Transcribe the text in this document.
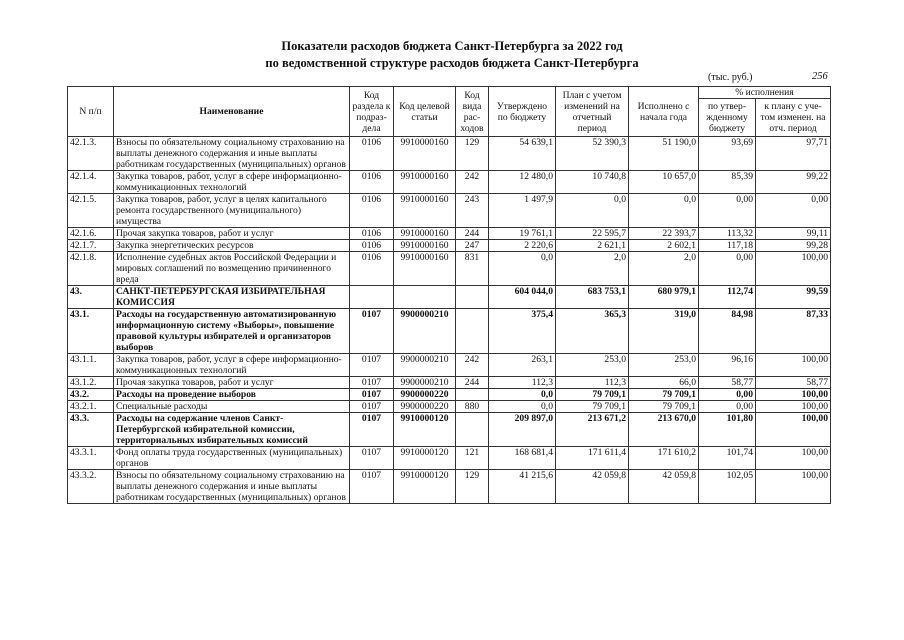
Показатели расходов бюджета Санкт-Петербурга за 2022 год
по ведомственной структуре расходов бюджета Санкт-Петербурга
(тыс. руб.)	256
N п/п	Наименование	Код раздела к подраз-дела	Код целевой статьи	Код вида рас-ходов	Утверждено по бюджету	План с учетом изменений на отчетный период	Исполнено с начала года	% исполнения	
								по утвер-жденному бюджету	к плану с уче-том изменен. на отч. период
42.1.3.	Взносы по обязательному социальному страхованию на выплаты денежного содержания и иные выплаты работникам государственных (муниципальных) органов	0106	9910000160	129	54 639,1	52 390,3	51 190,0	93,69	97,71
42.1.4.	Закупка товаров, работ, услуг в сфере информационно-коммуникационных технологий	0106	9910000160	242	12 480,0	10 740,8	10 657,0	85,39	99,22
42.1.5.	Закупка товаров, работ, услуг в целях капитального ремонта государственного (муниципального) имущества	0106	9910000160	243	1 497,9	0,0	0,0	0,00	0,00
42.1.6.	Прочая закупка товаров, работ и услуг	0106	9910000160	244	19 761,1	22 595,7	22 393,7	113,32	99,11
42.1.7.	Закупка энергетических ресурсов	0106	9910000160	247	2 220,6	2 621,1	2 602,1	117,18	99,28
42.1.8.	Исполнение судебных актов Российской Федерации и мировых соглашений по возмещению причиненного вреда	0106	9910000160	831	0,0	2,0	2,0	0,00	100,00
43.	САНКТ-ПЕТЕРБУРГСКАЯ ИЗБИРАТЕЛЬНАЯ КОМИССИЯ				604 044,0	683 753,1	680 979,1	112,74	99,59
43.1.	Расходы на государственную автоматизированную информационную систему «Выборы», повышение правовой культуры избирателей и организаторов выборов	0107	9900000210		375,4	365,3	319,0	84,98	87,33
43.1.1.	Закупка товаров, работ, услуг в сфере информационно-коммуникационных технологий	0107	9900000210	242	263,1	253,0	253,0	96,16	100,00
43.1.2.	Прочая закупка товаров, работ и услуг	0107	9900000210	244	112,3	112,3	66,0	58,77	58,77
43.2.	Расходы на проведение выборов	0107	9900000220		0,0	79 709,1	79 709,1	0,00	100,00
43.2.1.	Специальные расходы	0107	9900000220	880	0,0	79 709,1	79 709,1	0,00	100,00
43.3.	Расходы на содержание членов Санкт-Петербургской избирательной комиссии, территориальных избирательных комиссий	0107	9910000120		209 897,0	213 671,2	213 670,0	101,80	100,00
43.3.1.	Фонд оплаты труда государственных (муниципальных) органов	0107	9910000120	121	168 681,4	171 611,4	171 610,2	101,74	100,00
43.3.2.	Взносы по обязательному социальному страхованию на выплаты денежного содержания и иные выплаты работникам государственных (муниципальных) органов	0107	9910000120	129	41 215,6	42 059,8	42 059,8	102,05	100,00
